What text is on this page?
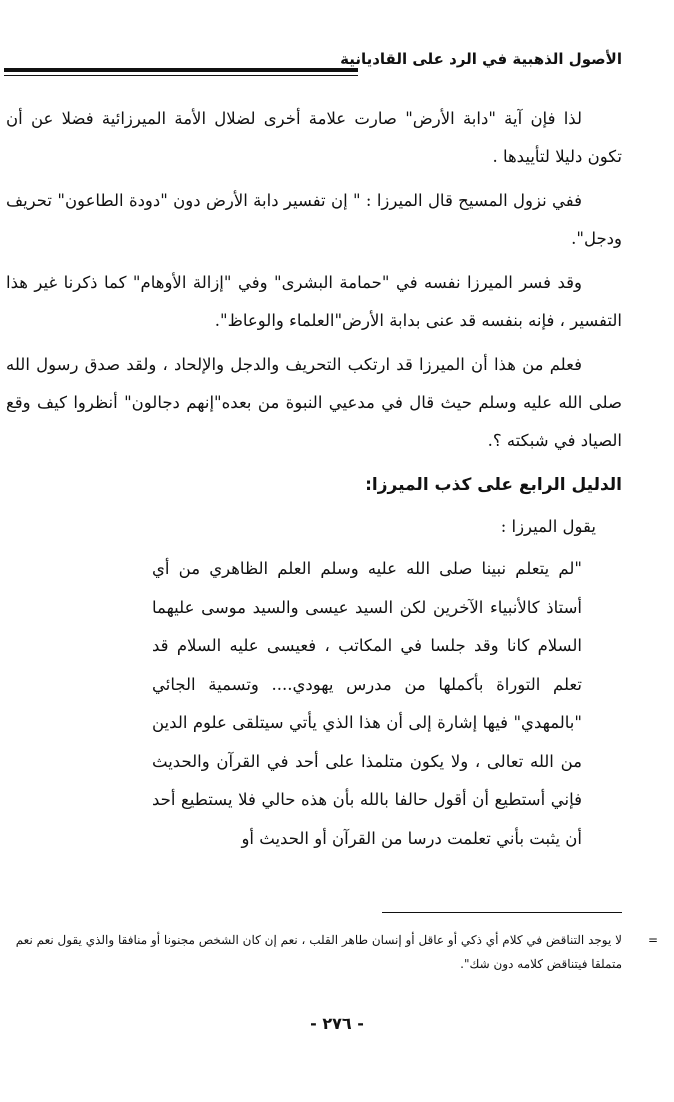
الأصول الذهبية في الرد على القاديانية

لذا فإن آية "دابة الأرض" صارت علامة أخرى لضلال الأمة الميرزائية فضلا عن أن تكون دليلا لتأييدها .

ففي نزول المسيح قال الميرزا : " إن تفسير دابة الأرض دون "دودة الطاعون" تحريف ودجل".

وقد فسر الميرزا نفسه في "حمامة البشرى" وفي "إزالة الأوهام" كما ذكرنا غير هذا التفسير ، فإنه بنفسه قد عنى بدابة الأرض"العلماء والوعاظ".

فعلم من هذا أن الميرزا قد ارتكب التحريف والدجل والإلحاد ، ولقد صدق رسول الله صلى الله عليه وسلم حيث قال في مدعيي النبوة من بعده"إنهم دجالون" أنظروا كيف وقع الصياد في شبكته ؟.

الدليل الرابع على كذب الميرزا:
يقول الميرزا :
"لم يتعلم نبينا صلى الله عليه وسلم العلم الظاهري من أي أستاذ كالأنبياء الآخرين لكن السيد عيسى والسيد موسى عليهما السلام كانا وقد جلسا في المكاتب ، فعيسى عليه السلام قد تعلم التوراة بأكملها من مدرس يهودي.... وتسمية الجائي "بالمهدي" فيها إشارة إلى أن هذا الذي يأتي سيتلقى علوم الدين من الله تعالى ، ولا يكون متلمذا على أحد في القرآن والحديث فإني أستطيع أن أقول حالفا بالله بأن هذه حالي فلا يستطيع أحد أن يثبت بأني تعلمت درسا من القرآن أو الحديث أو
=
لا يوجد التناقض في كلام أي ذكي أو عاقل أو إنسان طاهر القلب ، نعم إن كان الشخص مجنونا أو منافقا والذي يقول نعم نعم متملقا فيتناقض كلامه دون شك".
- ٢٧٦ -
